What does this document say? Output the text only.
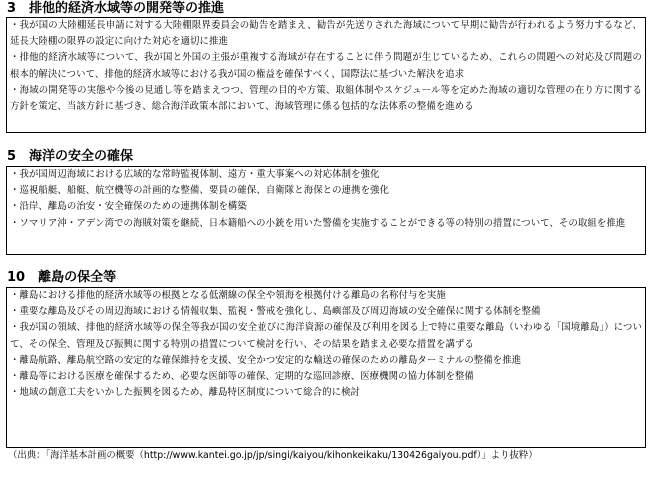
3　排他的経済水域等の開発等の推進
・我が国の大陸棚延長申請に対する大陸棚限界委員会の勧告を踏まえ、勧告が先送りされた海域について早期に勧告が行われるよう努力するなど、延長大陸棚の限界の設定に向けた対応を適切に推進
・排他的経済水域等について、我が国と外国の主張が重複する海域が存在することに伴う問題が生じているため、これらの問題への対応及び問題の根本的解決について、排他的経済水域等における我が国の権益を確保すべく、国際法に基づいた解決を追求
・海域の開発等の実態や今後の見通し等を踏まえつつ、管理の目的や方策、取組体制やスケジュール等を定めた海域の適切な管理の在り方に関する方針を策定、当該方針に基づき、総合海洋政策本部において、海域管理に係る包括的な法体系の整備を進める
5　海洋の安全の確保
・我が国周辺海域における広域的な常時監視体制、遠方・重大事案への対応体制を強化
・巡視船艇、船艇、航空機等の計画的な整備、要員の確保、自衛隊と海保との連携を強化
・沿岸、離島の治安・安全確保のための連携体制を構築
・ソマリア沖・アデン湾での海賊対策を継続、日本籍船への小銃を用いた警備を実施することができる等の特別の措置について、その取組を推進
10　離島の保全等
・離島における排他的経済水域等の根拠となる低潮線の保全や領海を根拠付ける離島の名称付与を実施
・重要な離島及びその周辺海域における情報収集、監視・警戒を強化し、島嶼部及び周辺海域の安全確保に関する体制を整備
・我が国の領域、排他的経済水域等の保全等我が国の安全並びに海洋資源の確保及び利用を図る上で特に重要な離島（いわゆる「国境離島」）について、その保全、管理及び振興に関する特別の措置について検討を行い、その結果を踏まえ必要な措置を講ずる
・離島航路、離島航空路の安定的な確保維持を支援、安全かつ安定的な輸送の確保のための離島ターミナルの整備を推進
・離島等における医療を確保するため、必要な医師等の確保、定期的な巡回診療、医療機関の協力体制を整備
・地域の創意工夫をいかした振興を図るため、離島特区制度について総合的に検討
（出典：「海洋基本計画の概要（http://www.kantei.go.jp/jp/singi/kaiyou/kihonkeikaku/130426gaiyou.pdf）」より抜粋）
